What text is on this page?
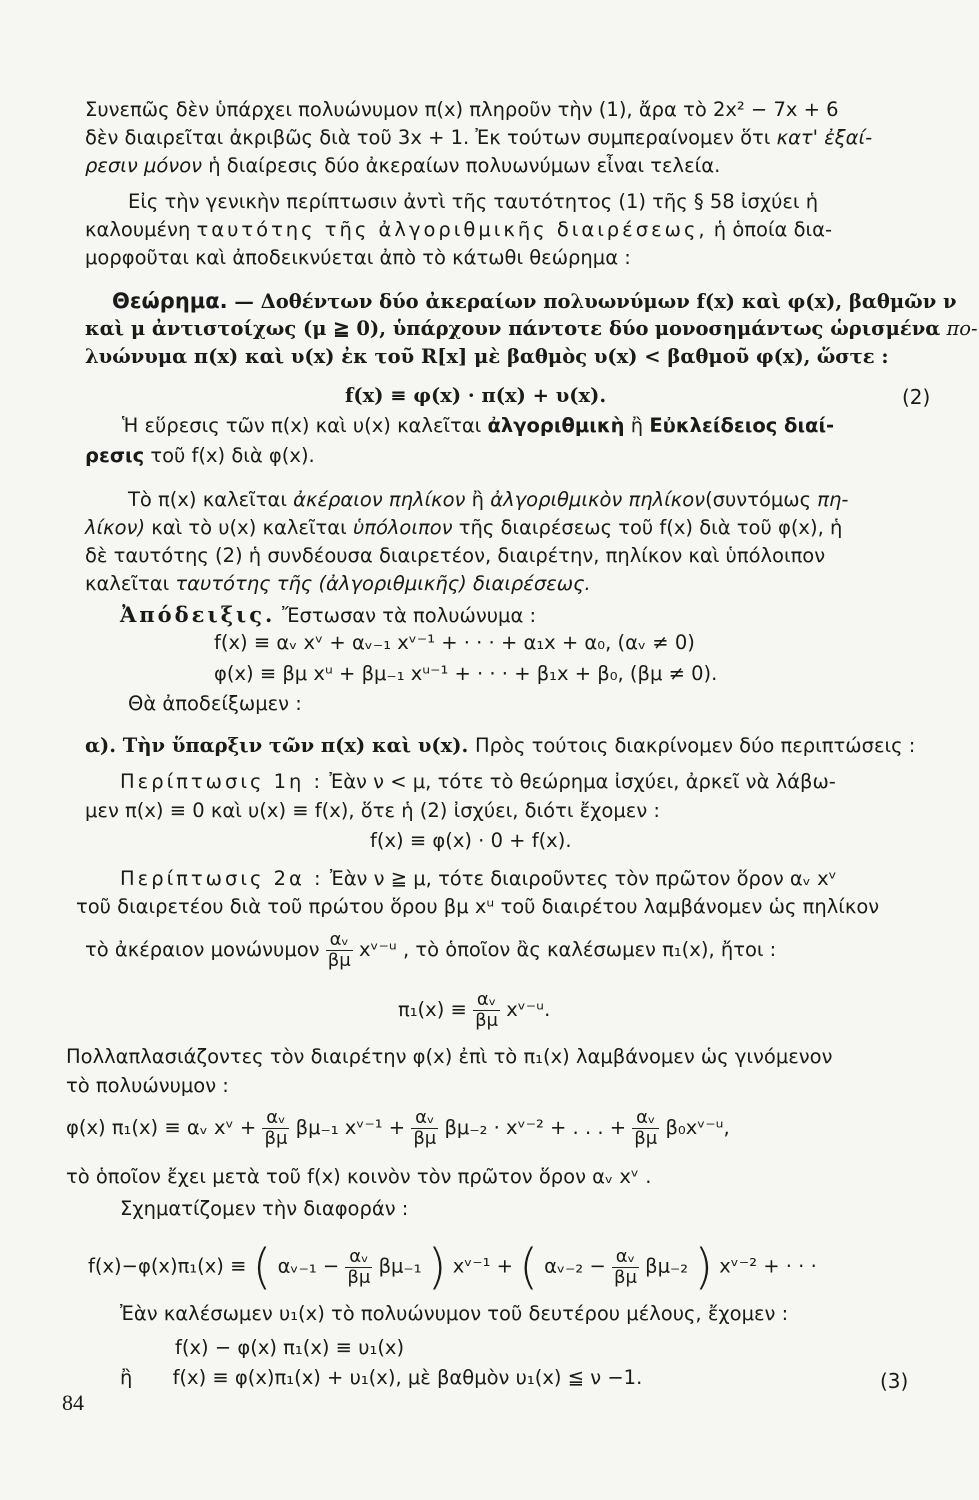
Συνεπῶς δὲν ὑπάρχει πολυώνυμον π(x) πληροῦν τὴν (1), ἄρα τὸ 2x² − 7x + 6
δὲν διαιρεῖται ἀκριβῶς διὰ τοῦ 3x + 1. Ἐκ τούτων συμπεραίνομεν ὅτι κατ' ἐξαί-
ρεσιν μόνον ἡ διαίρεσις δύο ἀκεραίων πολυωνύμων εἶναι τελεία.
Εἰς τὴν γενικὴν περίπτωσιν ἀντὶ τῆς ταυτότητος (1) τῆς § 58 ἰσχύει ἡ
καλουμένη ταυτότης τῆς ἀλγοριθμικῆς διαιρέσεως, ἡ ὁποία δια-
μορφοῦται καὶ ἀποδεικνύεται ἀπὸ τὸ κάτωθι θεώρημα :
Θεώρημα. — Δοθέντων δύο ἀκεραίων πολυωνύμων f(x) καὶ φ(x), βαθμῶν ν
καὶ μ ἀντιστοίχως (μ ≧ 0), ὑπάρχουν πάντοτε δύο μονοσημάντως ὡρισμένα πο-
λυώνυμα π(x) καὶ υ(x) ἐκ τοῦ R[x] μὲ βαθμὸς υ(x) < βαθμοῦ φ(x), ὥστε :
f(x) ≡ φ(x) · π(x) + υ(x).	(2)
Ἡ εὕρεσις τῶν π(x) καὶ υ(x) καλεῖται ἀλγοριθμικὴ ἢ Εὐκλείδειος διαί-
ρεσις τοῦ f(x) διὰ φ(x).
Τὸ π(x) καλεῖται ἀκέραιον πηλίκον ἢ ἀλγοριθμικὸν πηλίκον(συντόμως πη-
λίκον) καὶ τὸ υ(x) καλεῖται ὑπόλοιπον τῆς διαιρέσεως τοῦ f(x) διὰ τοῦ φ(x), ἡ
δὲ ταυτότης (2) ἡ συνδέουσα διαιρετέον, διαιρέτην, πηλίκον καὶ ὑπόλοιπον
καλεῖται ταυτότης τῆς (ἀλγοριθμικῆς) διαιρέσεως.
Ἀπόδειξις. Ἔστωσαν τὰ πολυώνυμα :
f(x) ≡ αᵥ xᵛ + αᵥ₋₁ xᵛ⁻¹ + · · · + α₁x + α₀, (αᵥ ≠ 0)
φ(x) ≡ βμ xᵘ + βμ₋₁ xᵘ⁻¹ + · · · + β₁x + β₀, (βμ ≠ 0).
Θὰ ἀποδείξωμεν :
α). Τὴν ὕπαρξιν τῶν π(x) καὶ υ(x). Πρὸς τούτοις διακρίνομεν δύο περιπτώσεις :
Περίπτωσις 1η : Ἐὰν ν < μ, τότε τὸ θεώρημα ἰσχύει, ἀρκεῖ νὰ λάβω-
μεν π(x) ≡ 0 καὶ υ(x) ≡ f(x), ὅτε ἡ (2) ἰσχύει, διότι ἔχομεν :
f(x) ≡ φ(x) · 0 + f(x).
Περίπτωσις 2α : Ἐὰν ν ≧ μ, τότε διαιροῦντες τὸν πρῶτον ὅρον αᵥ xᵛ
τοῦ διαιρετέου διὰ τοῦ πρώτου ὅρου βμ xᵘ τοῦ διαιρέτου λαμβάνομεν ὡς πηλίκον
τὸ ἀκέραιον μονώνυμον $\frac{\text{αᵥ}}{\beta\mu}$ xᵛ⁻ᵘ , τὸ ὁποῖον ἂς καλέσωμεν π₁(x), ἤτοι :
$\pi_1(x) \equiv \frac{\text{αᵥ}}{\beta\mu}$ xᵛ⁻ᵘ.
Πολλαπλασιάζοντες τὸν διαιρέτην φ(x) ἐπὶ τὸ π₁(x) λαμβάνομεν ὡς γινόμενον
τὸ πολυώνυμον :
φ(x) π₁(x) ≡ αᵥ xᵛ + $\frac{\text{αᵥ}}{\beta\mu} \beta\mu_{-1}$ xᵛ⁻¹ + $\frac{\text{αᵥ}}{\beta\mu} \beta\mu_{-2}$ · xᵛ⁻² + . . . + $\frac{\text{αᵥ}}{\beta\mu}$ β₀xᵛ⁻ᵘ,
τὸ ὁποῖον ἔχει μετὰ τοῦ f(x) κοινὸν τὸν πρῶτον ὅρον αᵥ xᵛ .
Σχηματίζομεν τὴν διαφοράν :
f(x)−φ(x)π₁(x) ≡ ( αᵥ₋₁ − $\frac{\text{αᵥ}}{\beta\mu} \beta\mu_{-1}$ ) xᵛ⁻¹ + ( αᵥ₋₂ − $\frac{\text{αᵥ}}{\beta\mu} \beta\mu_{-2}$ ) xᵛ⁻² + · · ·
Ἐὰν καλέσωμεν υ₁(x) τὸ πολυώνυμον τοῦ δευτέρου μέλους, ἔχομεν :
f(x) − φ(x) π₁(x) ≡ υ₁(x)
ἢ f(x) ≡ φ(x)π₁(x) + υ₁(x), μὲ βαθμὸν υ₁(x) ≦ ν −1.	(3)
84
